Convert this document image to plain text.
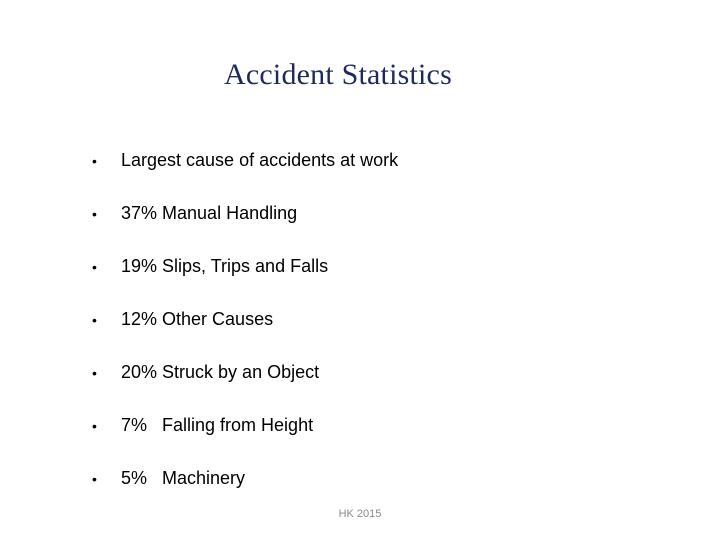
Accident Statistics
•	Largest cause of accidents at work
•	37% Manual Handling
•	19% Slips, Trips and Falls
•	12% Other Causes
•	20% Struck by an Object
•	7%   Falling from Height
•	5%   Machinery
HK 2015
